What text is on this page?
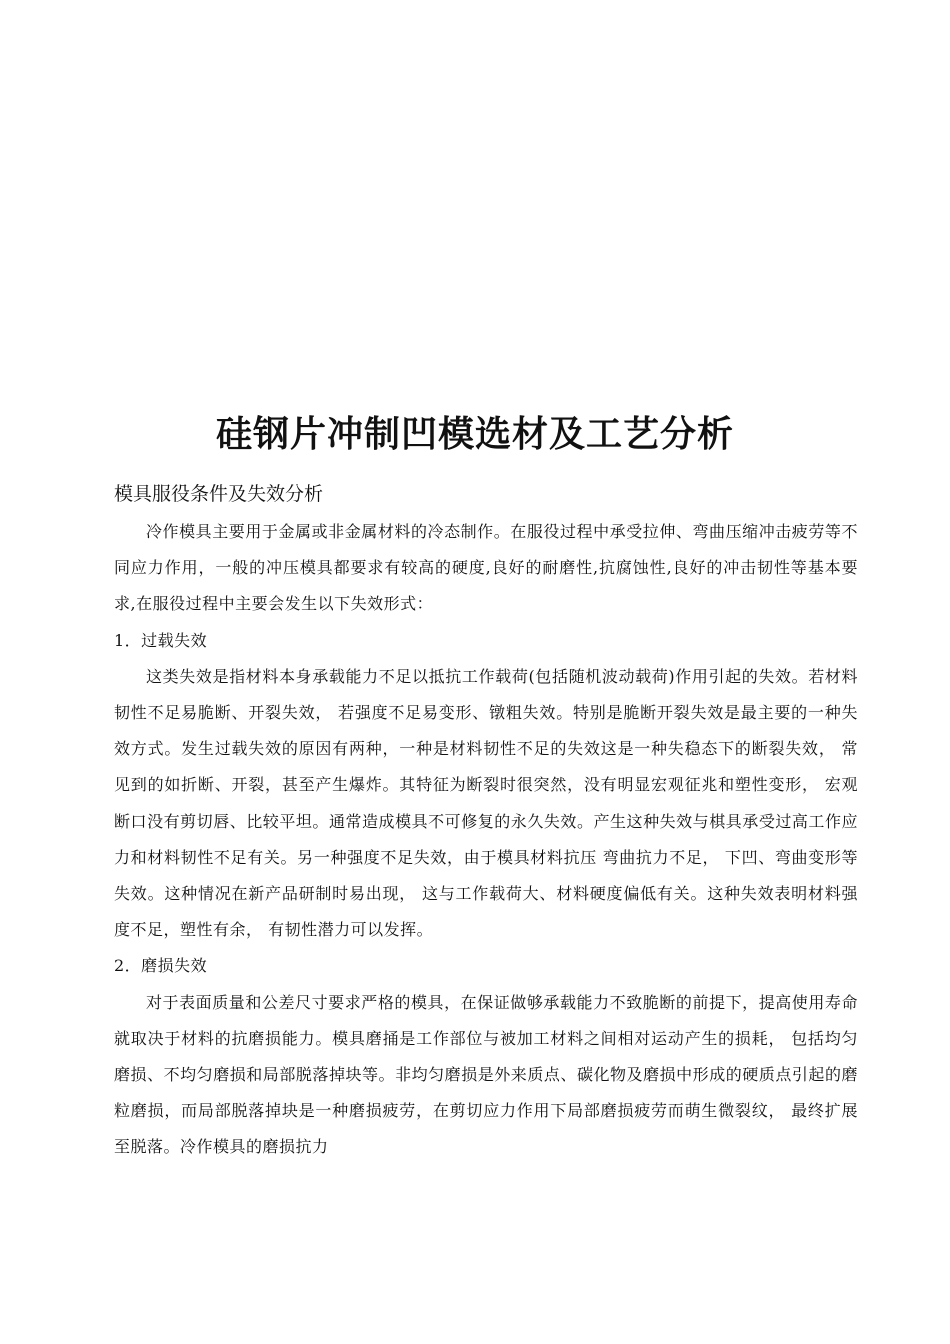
硅钢片冲制凹模选材及工艺分析
模具服役条件及失效分析

冷作模具主要用于金属或非金属材料的冷态制作。在服役过程中承受拉伸、弯曲压缩冲击疲劳等不同应力作用，一般的冲压模具都要求有较高的硬度,良好的耐磨性,抗腐蚀性,良好的冲击韧性等基本要求,在服役过程中主要会发生以下失效形式：

1．过载失效

这类失效是指材料本身承载能力不足以抵抗工作载荷(包括随机波动载荷)作用引起的失效。若材料韧性不足易脆断、开裂失效， 若强度不足易变形、镦粗失效。特别是脆断开裂失效是最主要的一种失效方式。发生过载失效的原因有两种，一种是材料韧性不足的失效这是一种失稳态下的断裂失效， 常见到的如折断、开裂，甚至产生爆炸。其特征为断裂时很突然，没有明显宏观征兆和塑性变形， 宏观断口没有剪切唇、比较平坦。通常造成模具不可修复的永久失效。产生这种失效与棋具承受过高工作应力和材料韧性不足有关。另一种强度不足失效，由于模具材料抗压 弯曲抗力不足， 下凹、弯曲变形等失效。这种情况在新产品研制时易出现， 这与工作载荷大、材料硬度偏低有关。这种失效表明材料强度不足，塑性有余， 有韧性潜力可以发挥。

2．磨损失效

对于表面质量和公差尺寸要求严格的模具，在保证做够承载能力不致脆断的前提下，提高使用寿命就取决于材料的抗磨损能力。模具磨捅是工作部位与被加工材料之间相对运动产生的损耗， 包括均匀磨损、不均匀磨损和局部脱落掉块等。非均匀磨损是外来质点、碳化物及磨损中形成的硬质点引起的磨粒磨损，而局部脱落掉块是一种磨损疲劳，在剪切应力作用下局部磨损疲劳而萌生微裂纹， 最终扩展至脱落。冷作模具的磨损抗力
